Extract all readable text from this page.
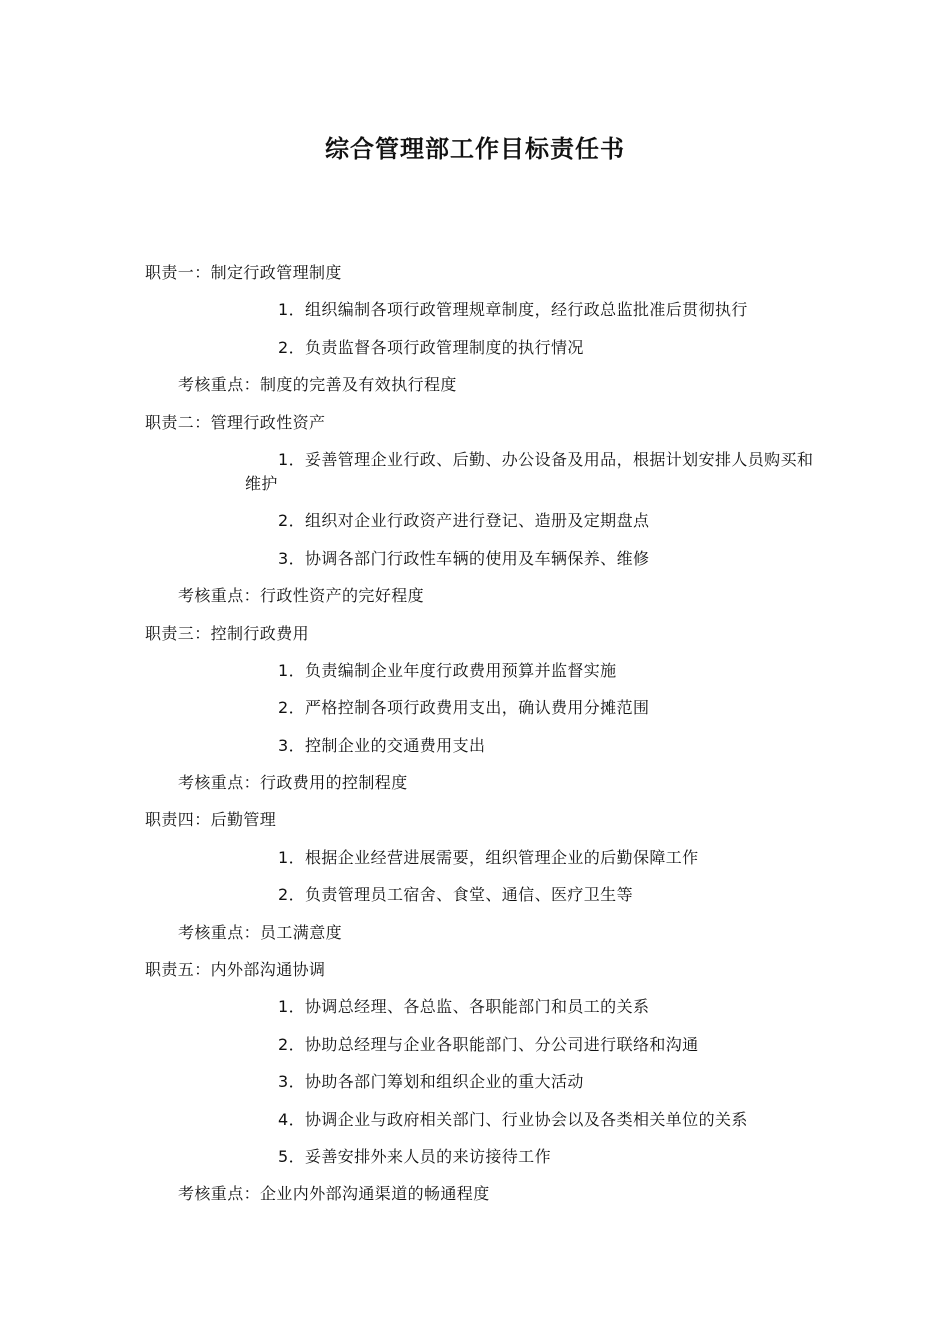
综合管理部工作目标责任书
职责一：制定行政管理制度
1．组织编制各项行政管理规章制度，经行政总监批准后贯彻执行
2．负责监督各项行政管理制度的执行情况
考核重点：制度的完善及有效执行程度
职责二：管理行政性资产
1．妥善管理企业行政、后勤、办公设备及用品，根据计划安排人员购买和维护
2．组织对企业行政资产进行登记、造册及定期盘点
3．协调各部门行政性车辆的使用及车辆保养、维修
考核重点：行政性资产的完好程度
职责三：控制行政费用
1．负责编制企业年度行政费用预算并监督实施
2．严格控制各项行政费用支出，确认费用分摊范围
3．控制企业的交通费用支出
考核重点：行政费用的控制程度
职责四：后勤管理
1．根据企业经营进展需要，组织管理企业的后勤保障工作
2．负责管理员工宿舍、食堂、通信、医疗卫生等
考核重点：员工满意度
职责五：内外部沟通协调
1．协调总经理、各总监、各职能部门和员工的关系
2．协助总经理与企业各职能部门、分公司进行联络和沟通
3．协助各部门筹划和组织企业的重大活动
4．协调企业与政府相关部门、行业协会以及各类相关单位的关系
5．妥善安排外来人员的来访接待工作
考核重点：企业内外部沟通渠道的畅通程度
